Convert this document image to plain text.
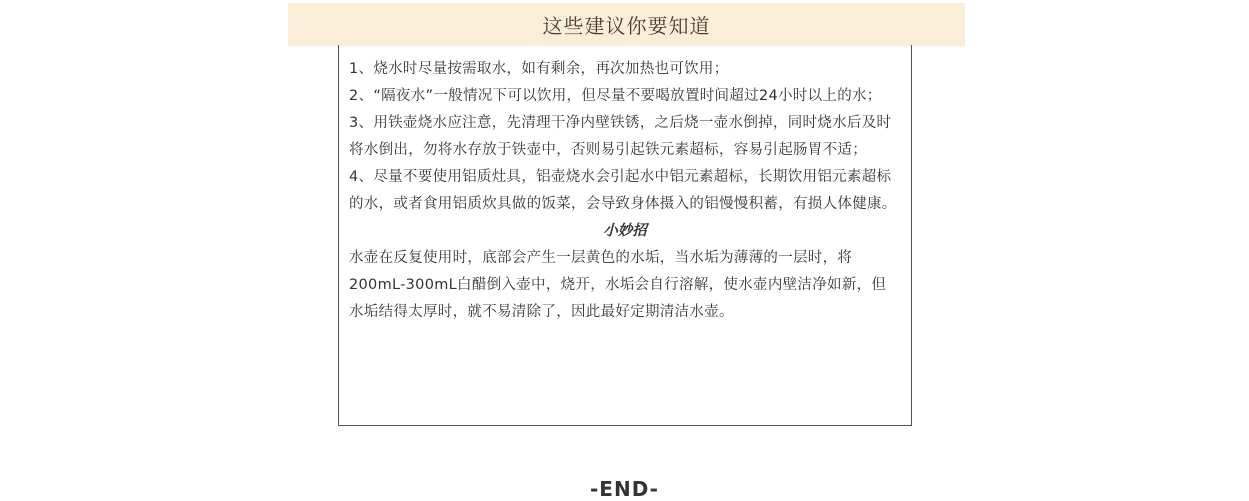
这些建议你要知道

1、烧水时尽量按需取水，如有剩余，再次加热也可饮用；

2、“隔夜水”一般情况下可以饮用，但尽量不要喝放置时间超过24小时以上的水；

3、用铁壶烧水应注意，先清理干净内壁铁锈，之后烧一壶水倒掉，同时烧水后及时将水倒出，勿将水存放于铁壶中，否则易引起铁元素超标，容易引起肠胃不适；

4、尽量不要使用铝质灶具，铝壶烧水会引起水中铝元素超标，长期饮用铝元素超标的水，或者食用铝质炊具做的饭菜，会导致身体摄入的铝慢慢积蓄，有损人体健康。

小妙招

水壶在反复使用时，底部会产生一层黄色的水垢，当水垢为薄薄的一层时，将200mL-300mL白醋倒入壶中，烧开，水垢会自行溶解，使水壶内壁洁净如新，但水垢结得太厚时，就不易清除了，因此最好定期清洁水壶。

-END-
